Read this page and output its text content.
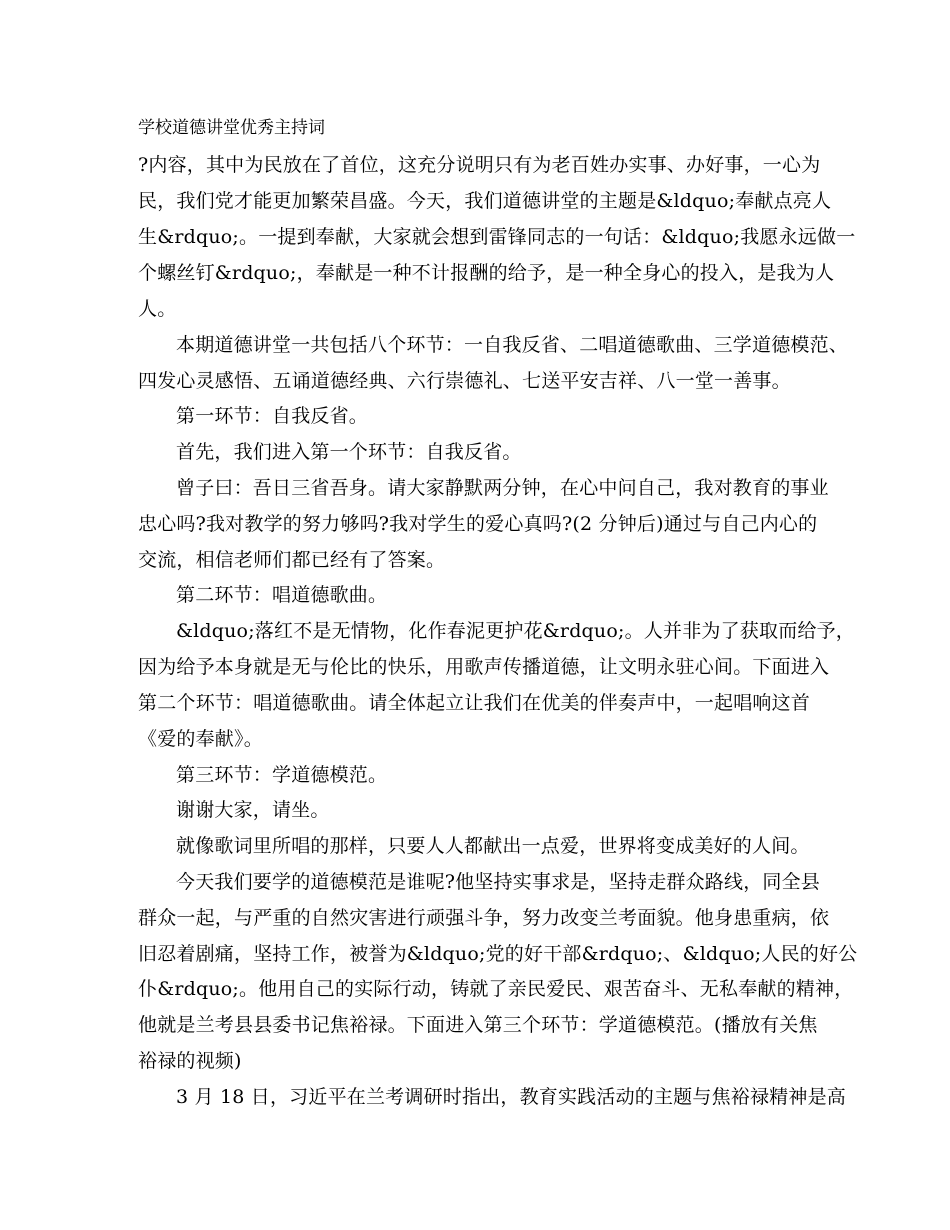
学校道德讲堂优秀主持词
?内容，其中为民放在了首位，这充分说明只有为老百姓办实事、办好事，一心为
民，我们党才能更加繁荣昌盛。今天，我们道德讲堂的主题是&ldquo;奉献点亮人
生&rdquo;。一提到奉献，大家就会想到雷锋同志的一句话：&ldquo;我愿永远做一
个螺丝钉&rdquo;，奉献是一种不计报酬的给予，是一种全身心的投入，是我为人
人。
本期道德讲堂一共包括八个环节：一自我反省、二唱道德歌曲、三学道德模范、
四发心灵感悟、五诵道德经典、六行崇德礼、七送平安吉祥、八一堂一善事。
第一环节：自我反省。
首先，我们进入第一个环节：自我反省。
曾子曰：吾日三省吾身。请大家静默两分钟，在心中问自己，我对教育的事业
忠心吗?我对教学的努力够吗?我对学生的爱心真吗?(2 分钟后)通过与自己内心的
交流，相信老师们都已经有了答案。
第二环节：唱道德歌曲。
&ldquo;落红不是无情物，化作春泥更护花&rdquo;。人并非为了获取而给予，
因为给予本身就是无与伦比的快乐，用歌声传播道德，让文明永驻心间。下面进入
第二个环节：唱道德歌曲。请全体起立让我们在优美的伴奏声中，一起唱响这首
《爱的奉献》。
第三环节：学道德模范。
谢谢大家，请坐。
就像歌词里所唱的那样，只要人人都献出一点爱，世界将变成美好的人间。
今天我们要学的道德模范是谁呢?他坚持实事求是，坚持走群众路线，同全县
群众一起，与严重的自然灾害进行顽强斗争，努力改变兰考面貌。他身患重病，依
旧忍着剧痛，坚持工作，被誉为&ldquo;党的好干部&rdquo;、&ldquo;人民的好公
仆&rdquo;。他用自己的实际行动，铸就了亲民爱民、艰苦奋斗、无私奉献的精神，
他就是兰考县县委书记焦裕禄。下面进入第三个环节：学道德模范。(播放有关焦
裕禄的视频)
3 月 18 日，习近平在兰考调研时指出，教育实践活动的主题与焦裕禄精神是高
